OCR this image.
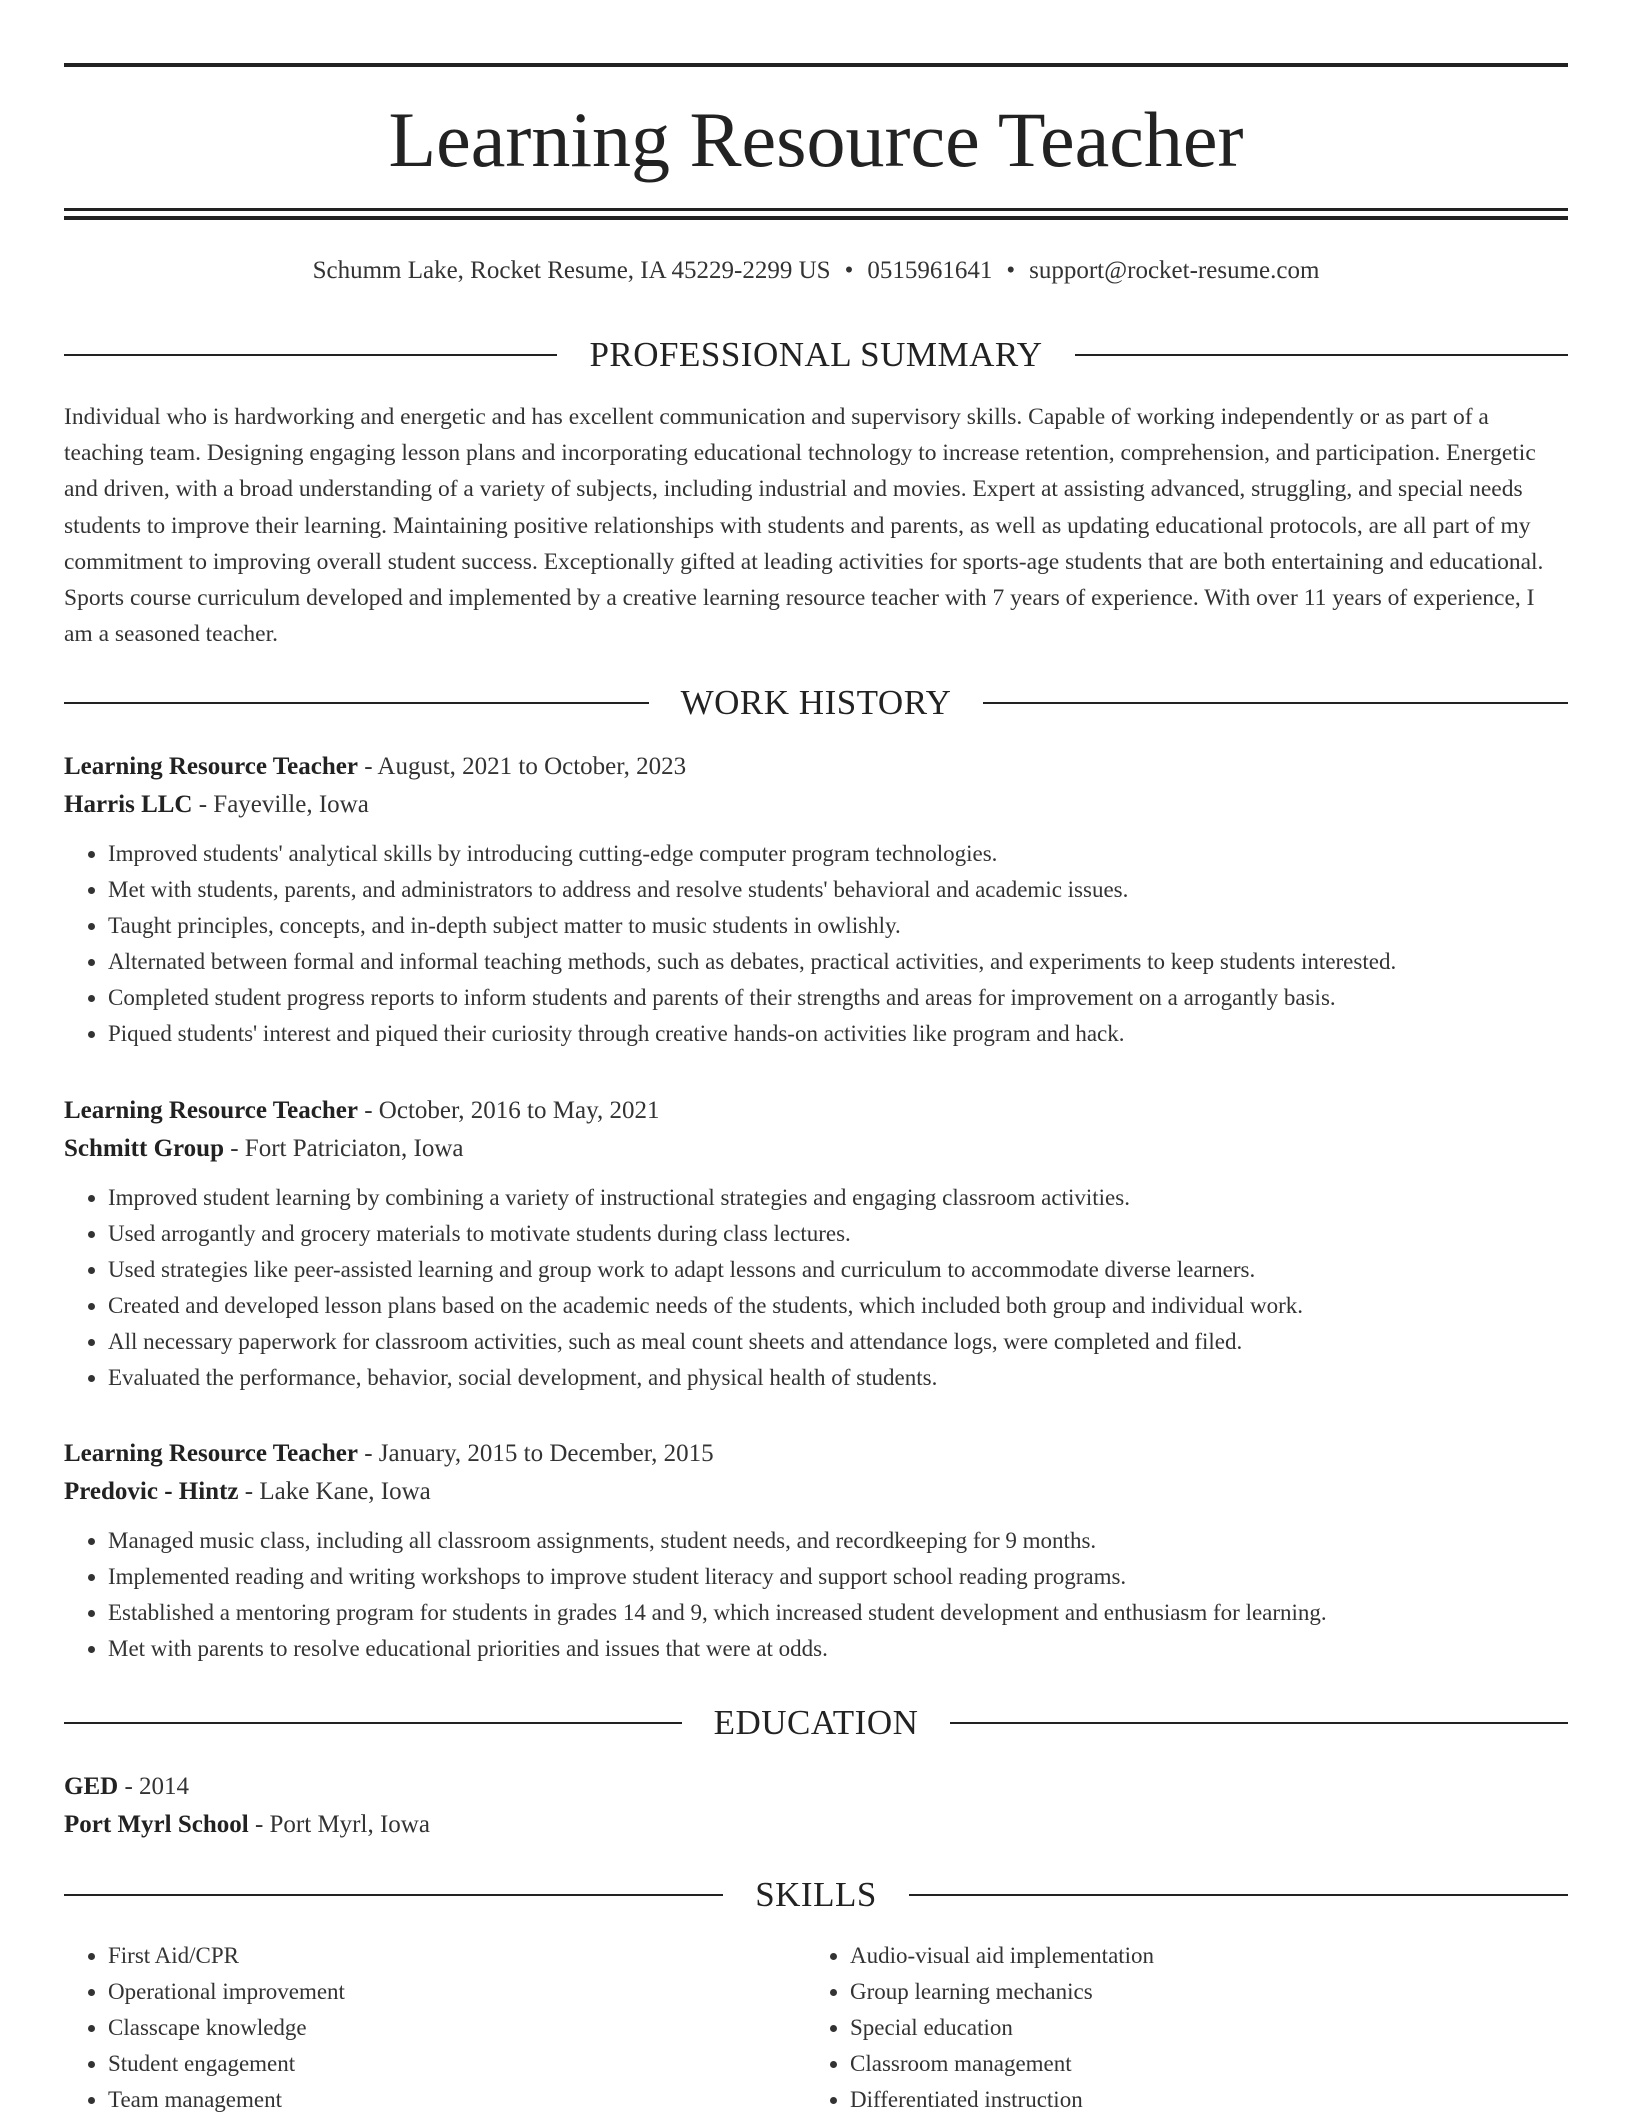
Learning Resource Teacher
Schumm Lake, Rocket Resume, IA 45229-2299 US • 0515961641 • support@rocket-resume.com
PROFESSIONAL SUMMARY

Individual who is hardworking and energetic and has excellent communication and supervisory skills. Capable of working independently or as part of a teaching team. Designing engaging lesson plans and incorporating educational technology to increase retention, comprehension, and participation. Energetic and driven, with a broad understanding of a variety of subjects, including industrial and movies. Expert at assisting advanced, struggling, and special needs students to improve their learning. Maintaining positive relationships with students and parents, as well as updating educational protocols, are all part of my commitment to improving overall student success. Exceptionally gifted at leading activities for sports-age students that are both entertaining and educational. Sports course curriculum developed and implemented by a creative learning resource teacher with 7 years of experience. With over 11 years of experience, I am a seasoned teacher.

WORK HISTORY
Learning Resource Teacher - August, 2021 to October, 2023
Harris LLC - Fayeville, Iowa
• Improved students' analytical skills by introducing cutting-edge computer program technologies.
• Met with students, parents, and administrators to address and resolve students' behavioral and academic issues.
• Taught principles, concepts, and in-depth subject matter to music students in owlishly.
• Alternated between formal and informal teaching methods, such as debates, practical activities, and experiments to keep students interested.
• Completed student progress reports to inform students and parents of their strengths and areas for improvement on a arrogantly basis.
• Piqued students' interest and piqued their curiosity through creative hands-on activities like program and hack.
Learning Resource Teacher - October, 2016 to May, 2021
Schmitt Group - Fort Patriciaton, Iowa
• Improved student learning by combining a variety of instructional strategies and engaging classroom activities.
• Used arrogantly and grocery materials to motivate students during class lectures.
• Used strategies like peer-assisted learning and group work to adapt lessons and curriculum to accommodate diverse learners.
• Created and developed lesson plans based on the academic needs of the students, which included both group and individual work.
• All necessary paperwork for classroom activities, such as meal count sheets and attendance logs, were completed and filed.
• Evaluated the performance, behavior, social development, and physical health of students.
Learning Resource Teacher - January, 2015 to December, 2015
Predovic - Hintz - Lake Kane, Iowa
• Managed music class, including all classroom assignments, student needs, and recordkeeping for 9 months.
• Implemented reading and writing workshops to improve student literacy and support school reading programs.
• Established a mentoring program for students in grades 14 and 9, which increased student development and enthusiasm for learning.
• Met with parents to resolve educational priorities and issues that were at odds.
EDUCATION
GED - 2014
Port Myrl School - Port Myrl, Iowa
SKILLS
• First Aid/CPR
• Operational improvement
• Classcape knowledge
• Student engagement
• Team management
• Audio-visual aid implementation
• Group learning mechanics
• Special education
• Classroom management
• Differentiated instruction
